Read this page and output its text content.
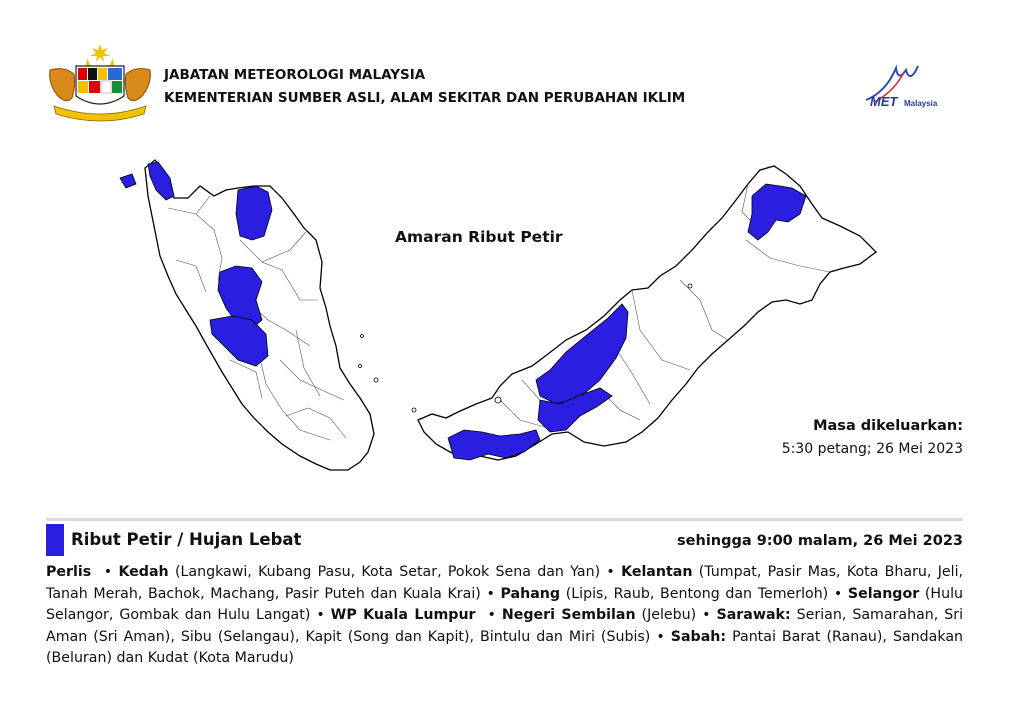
JABATAN METEOROLOGI MALAYSIA
KEMENTERIAN SUMBER ASLI, ALAM SEKITAR DAN PERUBAHAN IKLIM	MET Malaysia
Amaran Ribut Petir
Masa dikeluarkan:
5:30 petang; 26 Mei 2023
Ribut Petir / Hujan Lebat	sehingga 9:00 malam, 26 Mei 2023
Perlis  • Kedah (Langkawi, Kubang Pasu, Kota Setar, Pokok Sena dan Yan) • Kelantan (Tumpat, Pasir Mas, Kota Bharu, Jeli, Tanah Merah, Bachok, Machang, Pasir Puteh dan Kuala Krai) • Pahang (Lipis, Raub, Bentong dan Temerloh) • Selangor (Hulu Selangor, Gombak dan Hulu Langat) • WP Kuala Lumpur  • Negeri Sembilan (Jelebu) • Sarawak: Serian, Samarahan, Sri Aman (Sri Aman), Sibu (Selangau), Kapit (Song dan Kapit), Bintulu dan Miri (Subis) • Sabah: Pantai Barat (Ranau), Sandakan (Beluran) dan Kudat (Kota Marudu)
